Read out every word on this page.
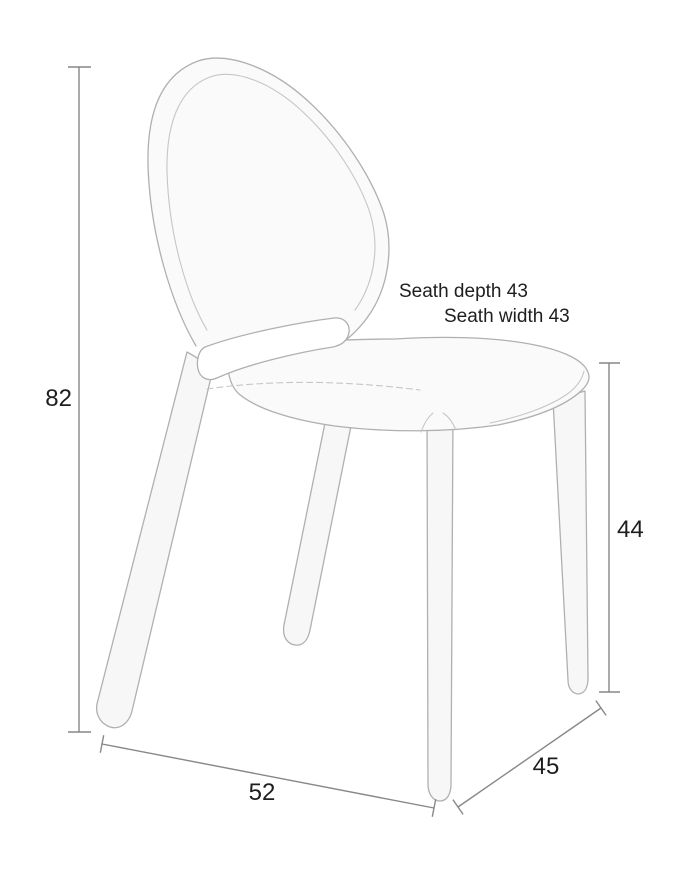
82
44
52
45
Seath depth 43
Seath width 43
